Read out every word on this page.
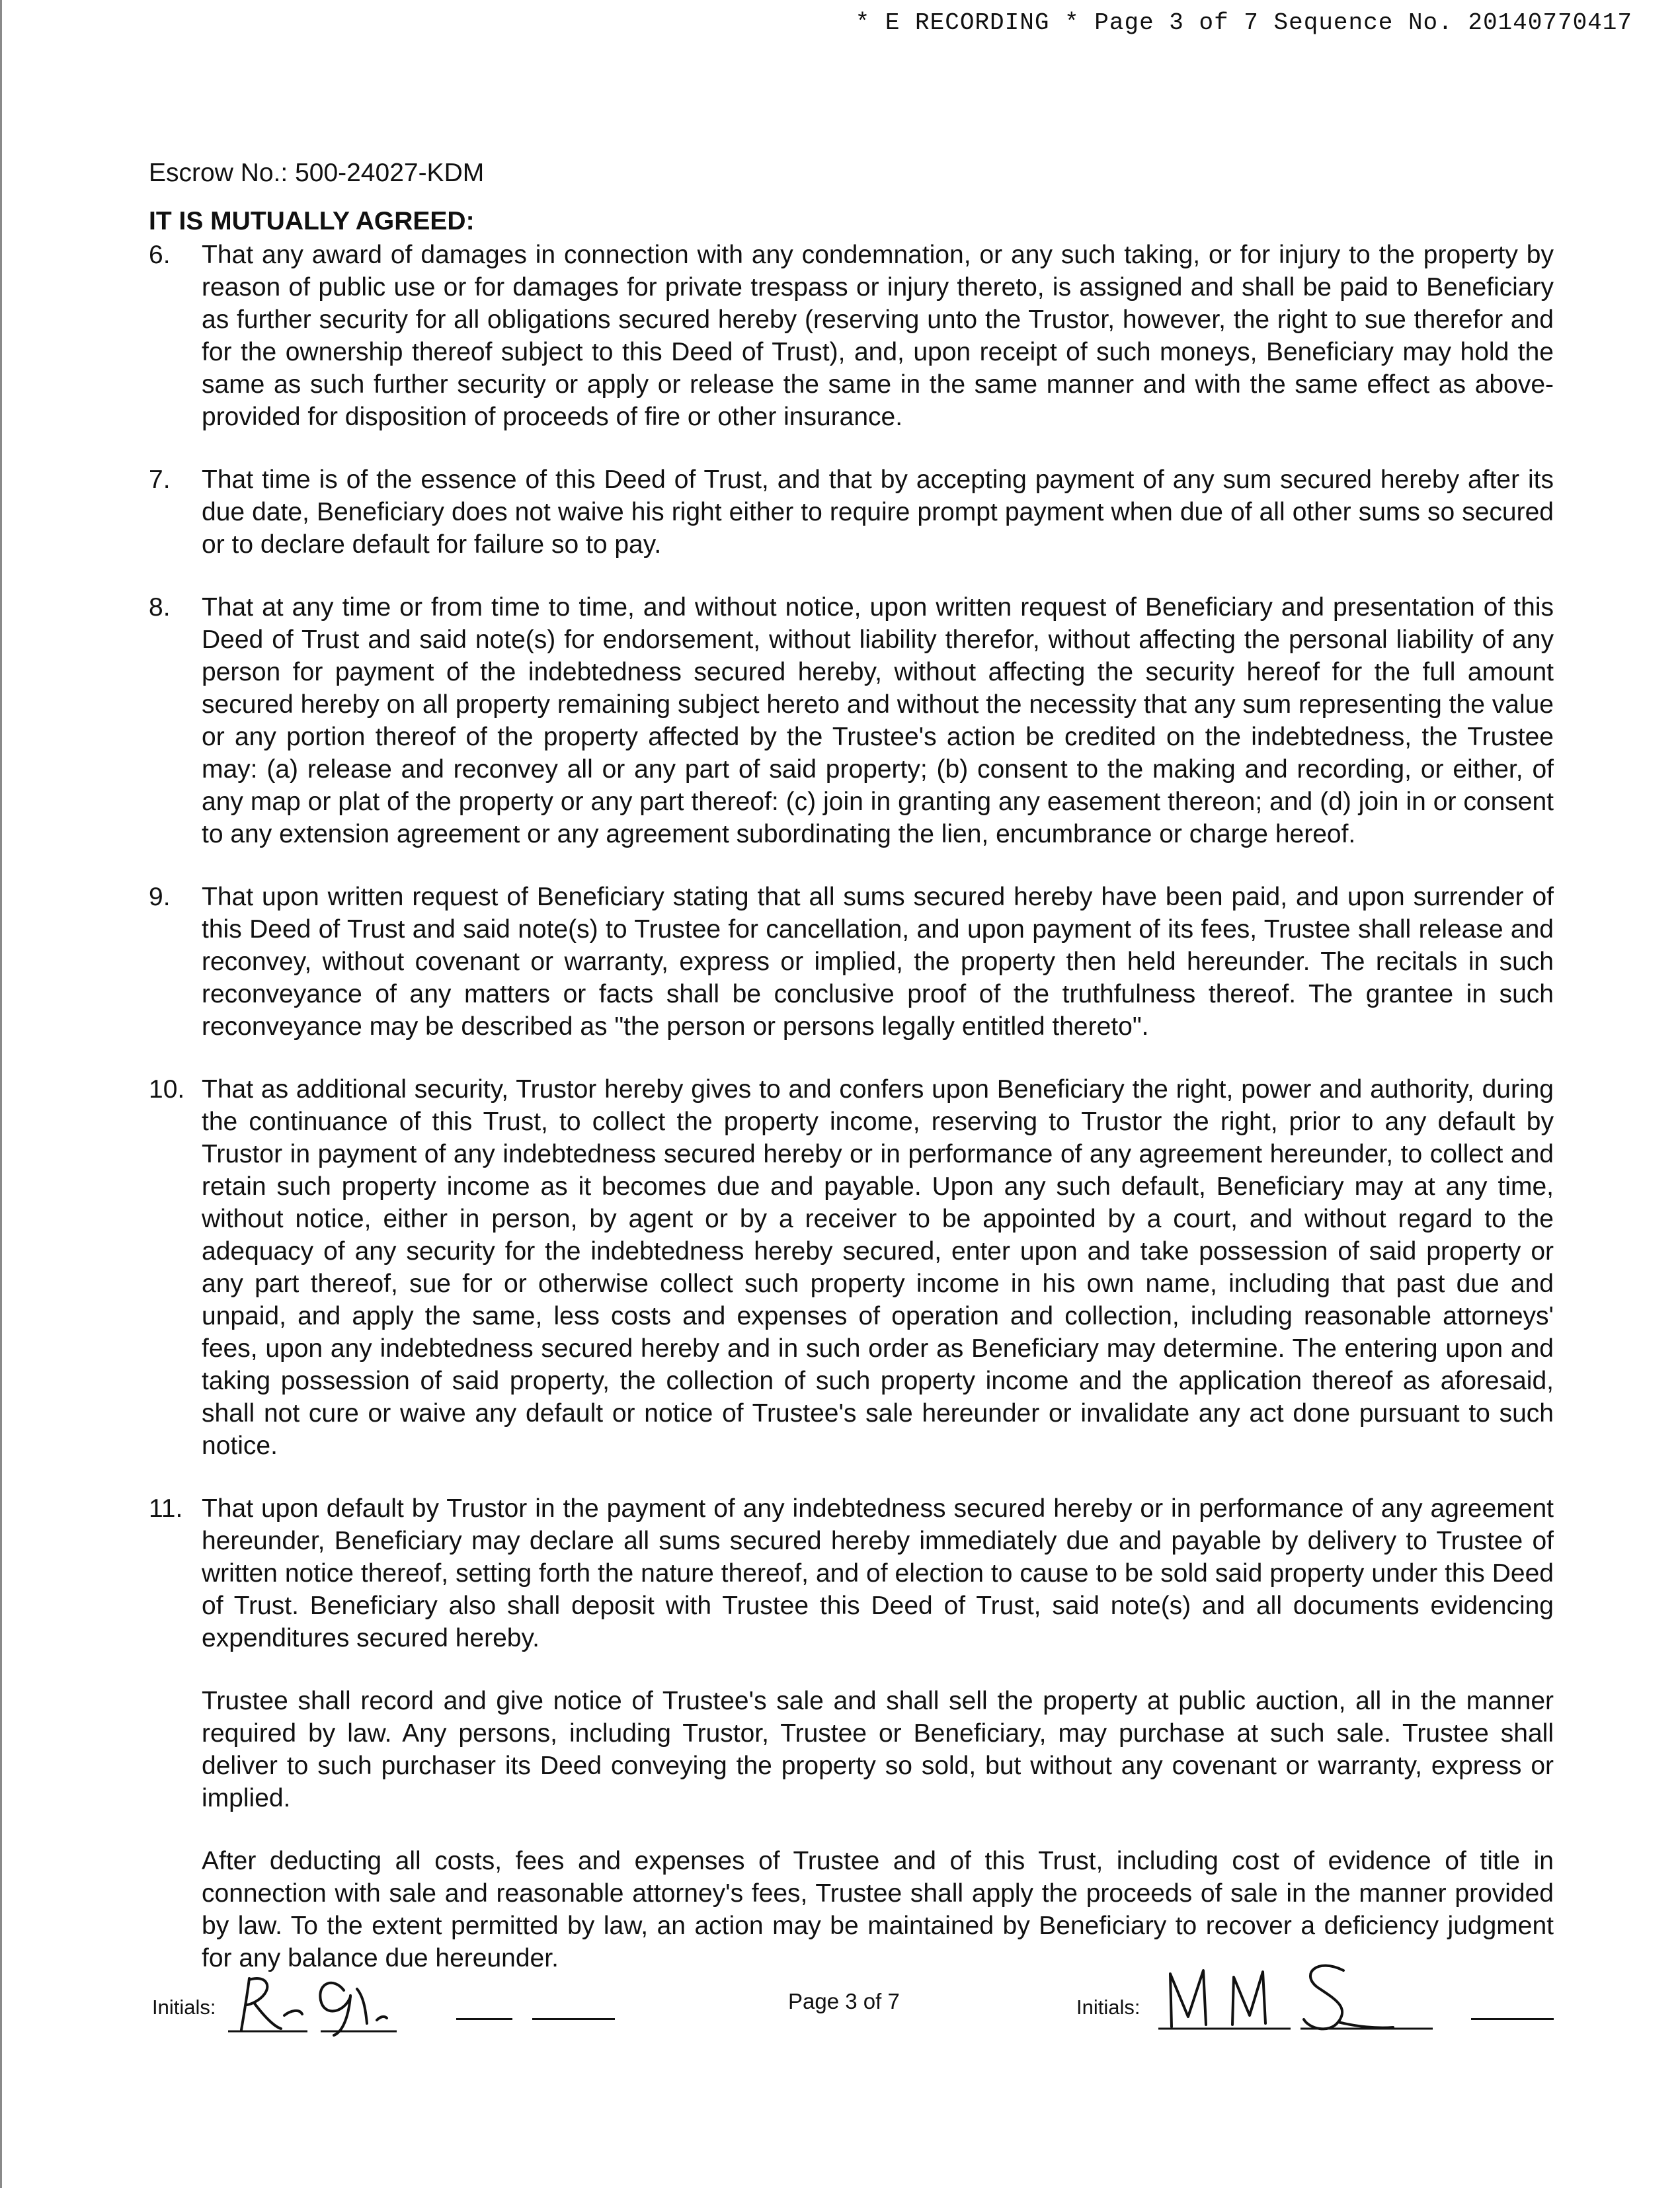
* E RECORDING * Page 3 of 7 Sequence No. 20140770417
Escrow No.: 500-24027-KDM
IT IS MUTUALLY AGREED:
6.	That any award of damages in connection with any condemnation, or any such taking, or for injury to the property by reason of public use or for damages for private trespass or injury thereto, is assigned and shall be paid to Beneficiary as further security for all obligations secured hereby (reserving unto the Trustor, however, the right to sue therefor and for the ownership thereof subject to this Deed of Trust), and, upon receipt of such moneys, Beneficiary may hold the same as such further security or apply or release the same in the same manner and with the same effect as above-provided for disposition of proceeds of fire or other insurance.
7.	That time is of the essence of this Deed of Trust, and that by accepting payment of any sum secured hereby after its due date, Beneficiary does not waive his right either to require prompt payment when due of all other sums so secured or to declare default for failure so to pay.
8.	That at any time or from time to time, and without notice, upon written request of Beneficiary and presentation of this Deed of Trust and said note(s) for endorsement, without liability therefor, without affecting the personal liability of any person for payment of the indebtedness secured hereby, without affecting the security hereof for the full amount secured hereby on all property remaining subject hereto and without the necessity that any sum representing the value or any portion thereof of the property affected by the Trustee's action be credited on the indebtedness, the Trustee may: (a) release and reconvey all or any part of said property; (b) consent to the making and recording, or either, of any map or plat of the property or any part thereof: (c) join in granting any easement thereon; and (d) join in or consent to any extension agreement or any agreement subordinating the lien, encumbrance or charge hereof.
9.	That upon written request of Beneficiary stating that all sums secured hereby have been paid, and upon surrender of this Deed of Trust and said note(s) to Trustee for cancellation, and upon payment of its fees, Trustee shall release and reconvey, without covenant or warranty, express or implied, the property then held hereunder. The recitals in such reconveyance of any matters or facts shall be conclusive proof of the truthfulness thereof. The grantee in such reconveyance may be described as "the person or persons legally entitled thereto".
10. That as additional security, Trustor hereby gives to and confers upon Beneficiary the right, power and authority, during the continuance of this Trust, to collect the property income, reserving to Trustor the right, prior to any default by Trustor in payment of any indebtedness secured hereby or in performance of any agreement hereunder, to collect and retain such property income as it becomes due and payable. Upon any such default, Beneficiary may at any time, without notice, either in person, by agent or by a receiver to be appointed by a court, and without regard to the adequacy of any security for the indebtedness hereby secured, enter upon and take possession of said property or any part thereof, sue for or otherwise collect such property income in his own name, including that past due and unpaid, and apply the same, less costs and expenses of operation and collection, including reasonable attorneys' fees, upon any indebtedness secured hereby and in such order as Beneficiary may determine. The entering upon and taking possession of said property, the collection of such property income and the application thereof as aforesaid, shall not cure or waive any default or notice of Trustee's sale hereunder or invalidate any act done pursuant to such notice.
11. That upon default by Trustor in the payment of any indebtedness secured hereby or in performance of any agreement hereunder, Beneficiary may declare all sums secured hereby immediately due and payable by delivery to Trustee of written notice thereof, setting forth the nature thereof, and of election to cause to be sold said property under this Deed of Trust. Beneficiary also shall deposit with Trustee this Deed of Trust, said note(s) and all documents evidencing expenditures secured hereby.
Trustee shall record and give notice of Trustee's sale and shall sell the property at public auction, all in the manner required by law. Any persons, including Trustor, Trustee or Beneficiary, may purchase at such sale. Trustee shall deliver to such purchaser its Deed conveying the property so sold, but without any covenant or warranty, express or implied.
After deducting all costs, fees and expenses of Trustee and of this Trust, including cost of evidence of title in connection with sale and reasonable attorney's fees, Trustee shall apply the proceeds of sale in the manner provided by law. To the extent permitted by law, an action may be maintained by Beneficiary to recover a deficiency judgment for any balance due hereunder.
Initials:	Page 3 of 7	Initials:
